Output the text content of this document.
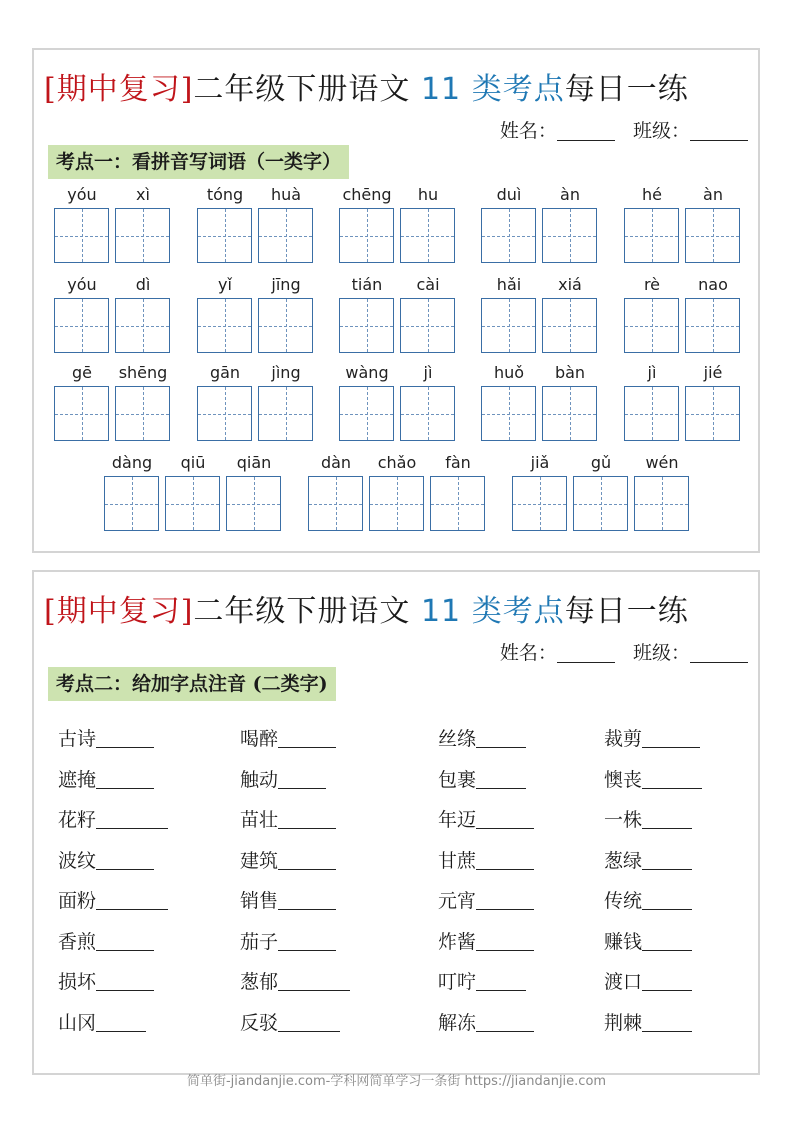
[期中复习]二年级下册语文 11 类考点每日一练
姓名：	班级：
考点一：看拼音写词语（一类字）
yóu	xì	tóng	huà	chēng	hu	duì	àn	hé	àn
yóu	dì	yǐ	jīng	tián	cài	hǎi	xiá	rè	nao
gē	shēng	gān	jìng	wàng	jì	huǒ	bàn	jì	jié
dàng	qiū	qiān	dàn	chǎo	fàn	jiǎ	gǔ	wén
[期中复习]二年级下册语文 11 类考点每日一练
姓名：	班级：
考点二：给加字点注音 (二类字)
古诗	喝醉	丝绦	裁剪
遮掩	触动	包裹	懊丧
花籽	苗壮	年迈	一株
波纹	建筑	甘蔗	葱绿
面粉	销售	元宵	传统
香煎	茄子	炸酱	赚钱
损坏	葱郁	叮咛	渡口
山冈	反驳	解冻	荆棘
简单街-jiandanjie.com-学科网简单学习一条街 https://jiandanjie.com
